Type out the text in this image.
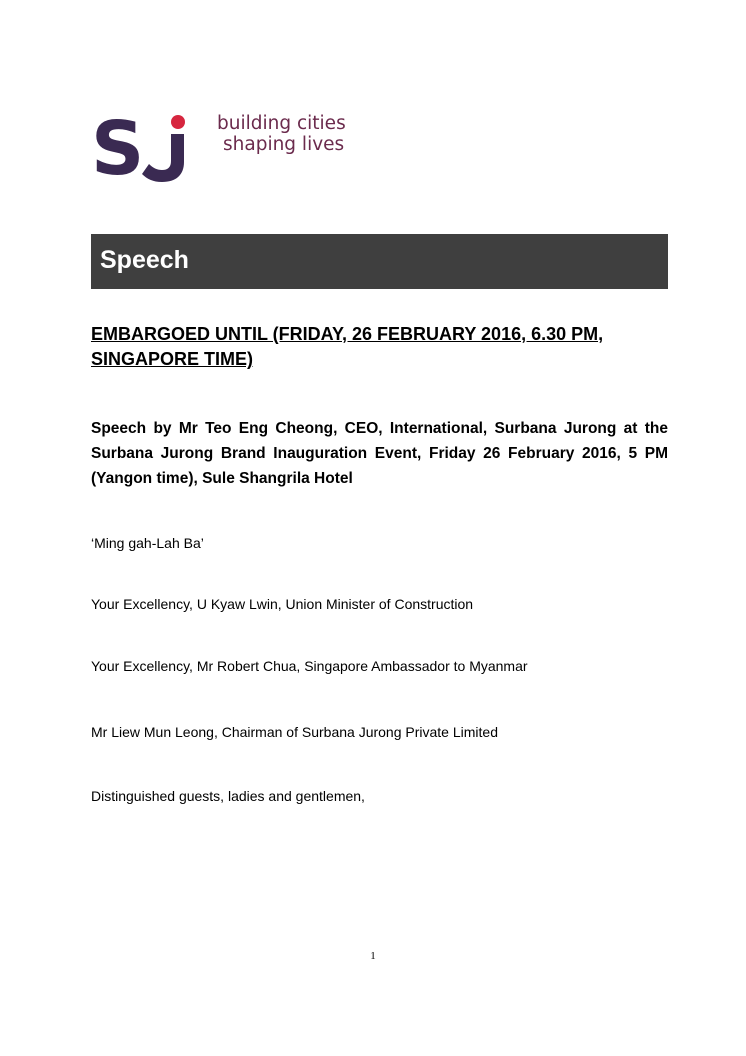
S	building cities
shaping lives
Speech
EMBARGOED UNTIL (FRIDAY, 26 FEBRUARY 2016, 6.30 PM, SINGAPORE TIME)
Speech by Mr Teo Eng Cheong, CEO, International, Surbana Jurong at the Surbana Jurong Brand Inauguration Event, Friday 26 February 2016, 5 PM (Yangon time), Sule Shangrila Hotel
‘Ming gah-Lah Ba’
Your Excellency, U Kyaw Lwin, Union Minister of Construction
Your Excellency, Mr Robert Chua, Singapore Ambassador to Myanmar
Mr Liew Mun Leong, Chairman of Surbana Jurong Private Limited
Distinguished guests, ladies and gentlemen,
1
